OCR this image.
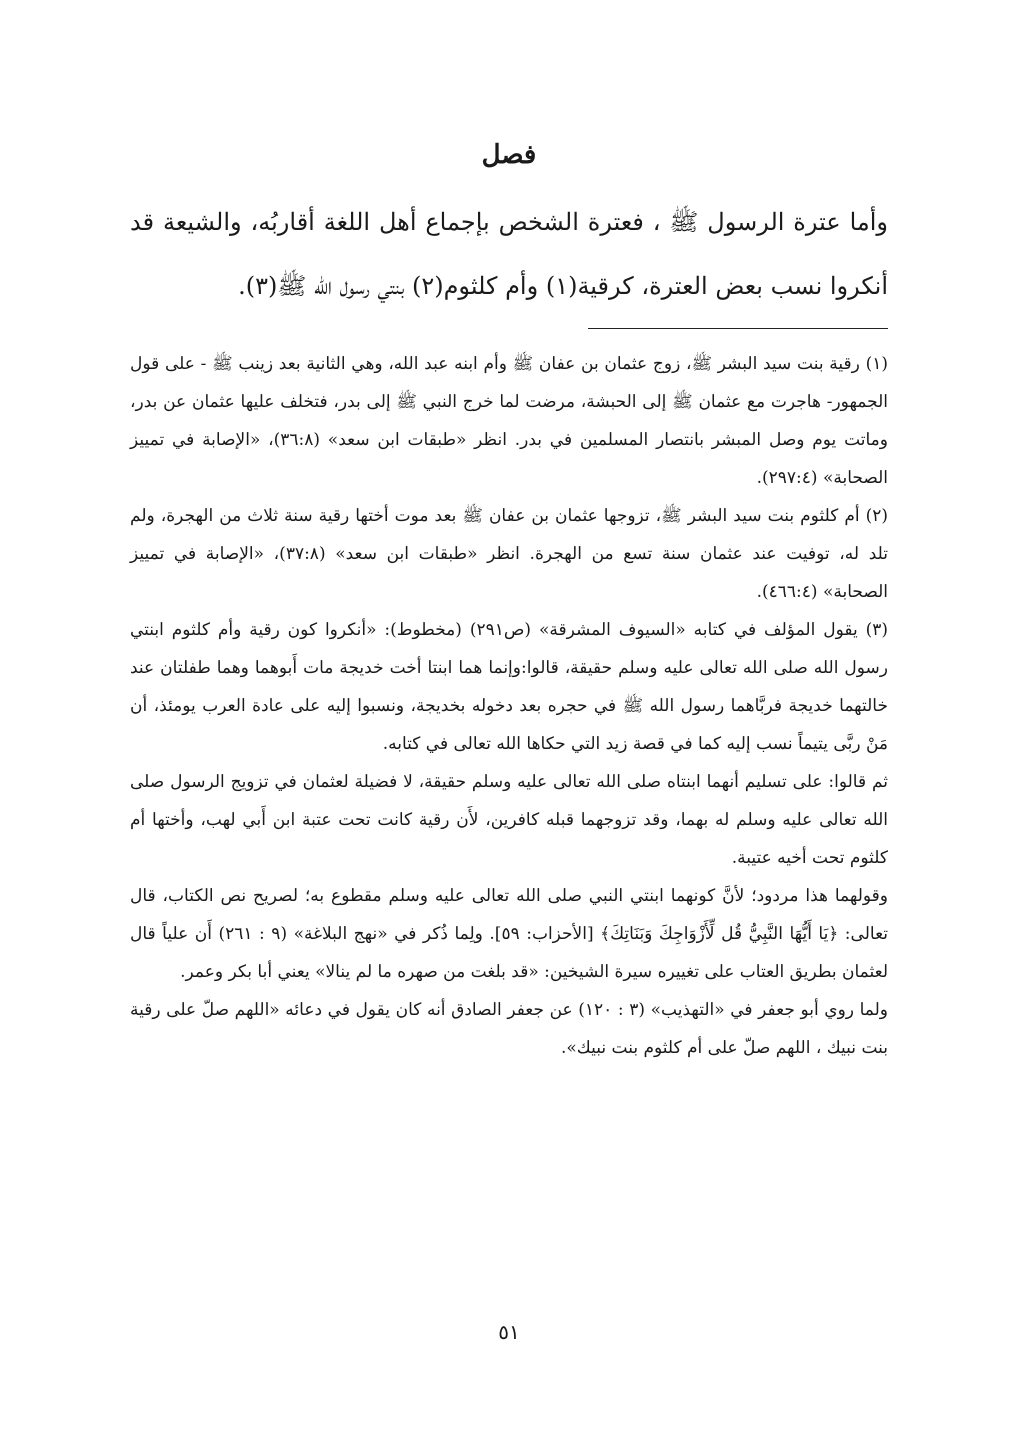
فصل

وأما عترة الرسول ﷺ ، فعترة الشخص بإجماع أهل اللغة أقاربُه، والشيعة قد أنكروا نسب بعض العترة، كرقية(١) وأم كلثوم(٢) بنتي رسول الله ﷺ(٣).

(١) رقية بنت سيد البشر ﷺ، زوج عثمان بن عفان ﷺ وأم ابنه عبد الله، وهي الثانية بعد زينب ﷺ - على قول الجمهور- هاجرت مع عثمان ﷺ إلى الحبشة، مرضت لما خرج النبي ﷺ إلى بدر، فتخلف عليها عثمان عن بدر، وماتت يوم وصل المبشر بانتصار المسلمين في بدر. انظر «طبقات ابن سعد» (٣٦:٨)، «الإصابة في تمييز الصحابة» (٢٩٧:٤).

(٢) أم كلثوم بنت سيد البشر ﷺ، تزوجها عثمان بن عفان ﷺ بعد موت أختها رقية سنة ثلاث من الهجرة، ولم تلد له، توفيت عند عثمان سنة تسع من الهجرة. انظر «طبقات ابن سعد» (٣٧:٨)، «الإصابة في تمييز الصحابة» (٤٦٦:٤).

(٣) يقول المؤلف في كتابه «السيوف المشرقة» (ص٢٩١) (مخطوط): «أنكروا كون رقية وأم كلثوم ابنتي رسول الله صلى الله تعالى عليه وسلم حقيقة، قالوا:وإنما هما ابنتا أخت خديجة مات أَبوهما وهما طفلتان عند خالتهما خديجة فربَّاهما رسول الله ﷺ في حجره بعد دخوله بخديجة، ونسبوا إليه على عادة العرب يومئذ، أن مَنْ ربَّى يتيماً نسب إليه كما في قصة زيد التي حكاها الله تعالى في كتابه.

ثم قالوا: على تسليم أنهما ابنتاه صلى الله تعالى عليه وسلم حقيقة، لا فضيلة لعثمان في تزويج الرسول صلى الله تعالى عليه وسلم له بهما، وقد تزوجهما قبله كافرين، لأَن رقية كانت تحت عتبة ابن أَبي لهب، وأختها أم كلثوم تحت أخيه عتيبة.

وقولهما هذا مردود؛ لأنَّ كونهما ابنتي النبي صلى الله تعالى عليه وسلم مقطوع به؛ لصريح نص الكتاب، قال تعالى: ﴿يَا أَيُّهَا النَّبِيُّ قُل لِّأَزْوَاجِكَ وَبَنَاتِكَ﴾ [الأحزاب: ٥٩]. ولِما ذُكر في «نهج البلاغة» (٩ : ٢٦١) أَن علياً قال لعثمان بطريق العتاب على تغييره سيرة الشيخين: «قد بلغت من صهره ما لم ينالا» يعني أبا بكر وعمر.

ولما روي أبو جعفر في «التهذيب» (٣ : ١٢٠) عن جعفر الصادق أنه كان يقول في دعائه «اللهم صلّ على رقية بنت نبيك ، اللهم صلّ على أم كلثوم بنت نبيك».

٥١
